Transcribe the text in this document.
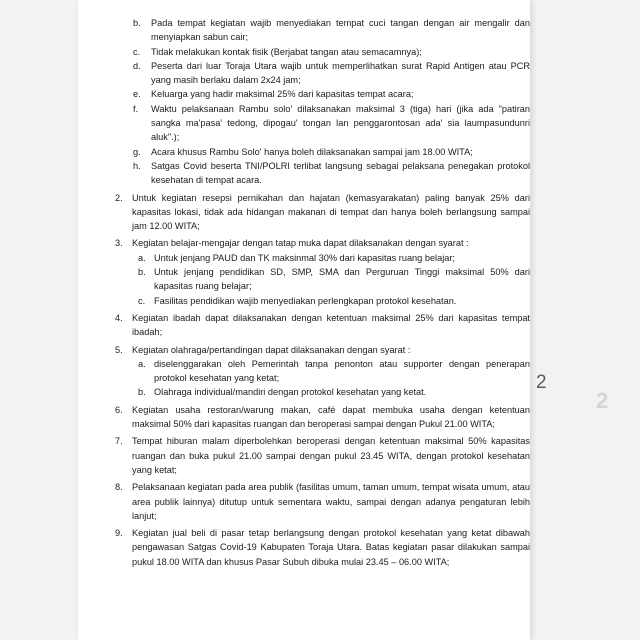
b. Pada tempat kegiatan wajib menyediakan tempat cuci tangan dengan air mengalir dan menyiapkan sabun cair;
c. Tidak melakukan kontak fisik (Berjabat tangan atau semacamnya);
d. Peserta dari luar Toraja Utara wajib untuk memperlihatkan surat Rapid Antigen atau PCR yang masih berlaku dalam 2x24 jam;
e. Keluarga yang hadir maksimal 25% dari kapasitas tempat acara;
f. Waktu pelaksanaan Rambu solo' dilaksanakan maksimal 3 (tiga) hari (jika ada "patiran sangka ma'pasa' tedong, dipogau' tongan lan penggarontosan ada' sia laumpasundunri aluk".);
g. Acara khusus Rambu Solo' hanya boleh dilaksanakan sampai jam 18.00 WITA;
h. Satgas Covid beserta TNI/POLRI terlibat langsung sebagai pelaksana penegakan protokol kesehatan di tempat acara.
2. Untuk kegiatan resepsi pernikahan dan hajatan (kemasyarakatan) paling banyak 25% dari kapasitas lokasi, tidak ada hidangan makanan di tempat dan hanya boleh berlangsung sampai jam 12.00 WITA;
3. Kegiatan belajar-mengajar dengan tatap muka dapat dilaksanakan dengan syarat :
a. Untuk jenjang PAUD dan TK maksinmal 30% dari kapasitas ruang belajar;
b. Untuk jenjang pendidikan SD, SMP, SMA dan Perguruan Tinggi maksimal 50% dari kapasitas ruang belajar;
c. Fasilitas pendidikan wajib menyediakan perlengkapan protokol kesehatan.
4. Kegiatan ibadah dapat dilaksanakan dengan ketentuan maksimal 25% dari kapasitas tempat ibadah;
5. Kegiatan olahraga/pertandingan dapat dilaksanakan dengan syarat :
a. diselenggarakan oleh Pemerintah tanpa penonton atau supporter dengan penerapan protokol kesehatan yang ketat;
b. Olahraga individual/mandiri dengan protokol kesehatan yang ketat.
6. Kegiatan usaha restoran/warung makan, café dapat membuka usaha dengan ketentuan maksimal 50% dari kapasitas ruangan dan beroperasi sampai dengan Pukul 21.00 WITA;
7. Tempat hiburan malam diperbolehkan beroperasi dengan ketentuan maksimal 50% kapasitas ruangan dan buka pukul 21.00 sampai dengan pukul 23.45 WITA, dengan protokol kesehatan yang ketat;
8. Pelaksanaan kegiatan pada area publik (fasilitas umum, taman umum, tempat wisata umum, atau area publik lainnya) ditutup untuk sementara waktu, sampai dengan adanya pengaturan lebih lanjut;
9. Kegiatan jual beli di pasar tetap berlangsung dengan protokol kesehatan yang ketat dibawah pengawasan Satgas Covid-19 Kabupaten Toraja Utara. Batas kegiatan pasar dilakukan sampai pukul 18.00 WITA dan khusus Pasar Subuh dibuka mulai 23.45 – 06.00 WITA;
2
2
